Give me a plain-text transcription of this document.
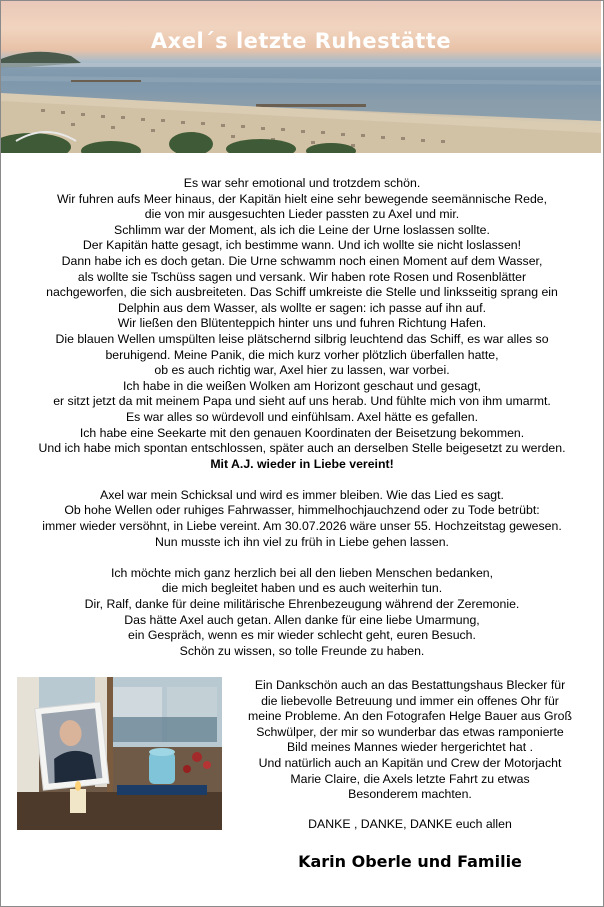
Axel´s letzte Ruhestätte

Es war sehr emotional und trotzdem schön.

Wir fuhren aufs Meer hinaus, der Kapitän hielt eine sehr bewegende seemännische Rede,

die von mir ausgesuchten Lieder passten zu Axel und mir.

Schlimm war der Moment, als ich die Leine der Urne loslassen sollte.

Der Kapitän hatte gesagt, ich bestimme wann. Und ich wollte sie nicht loslassen!

Dann habe ich es doch getan. Die Urne schwamm noch einen Moment auf dem Wasser,

als wollte sie Tschüss sagen und versank. Wir haben rote Rosen und Rosenblätter

nachgeworfen, die sich ausbreiteten. Das Schiff umkreiste die Stelle und linksseitig sprang ein

Delphin aus dem Wasser, als wollte er sagen: ich passe auf ihn auf.

Wir ließen den Blütenteppich hinter uns und fuhren Richtung Hafen.

Die blauen Wellen umspülten leise plätschernd silbrig leuchtend das Schiff, es war alles so

beruhigend. Meine Panik, die mich kurz vorher plötzlich überfallen hatte,

ob es auch richtig war, Axel hier zu lassen, war vorbei.

Ich habe in die weißen Wolken am Horizont geschaut und gesagt,

er sitzt jetzt da mit meinem Papa und sieht auf uns herab. Und fühlte mich von ihm umarmt.

Es war alles so würdevoll und einfühlsam. Axel hätte es gefallen.

Ich habe eine Seekarte mit den genauen Koordinaten der Beisetzung bekommen.

Und ich habe mich spontan entschlossen, später auch an derselben Stelle beigesetzt zu werden.

Mit A.J. wieder in Liebe vereint!

Axel war mein Schicksal und wird es immer bleiben. Wie das Lied es sagt.

Ob hohe Wellen oder ruhiges Fahrwasser, himmelhochjauchzend oder zu Tode betrübt:

immer wieder versöhnt, in Liebe vereint. Am 30.07.2026 wäre unser 55. Hochzeitstag gewesen.

Nun musste ich ihn viel zu früh in Liebe gehen lassen.

Ich möchte mich ganz herzlich bei all den lieben Menschen bedanken,

die mich begleitet haben und es auch weiterhin tun.

Dir, Ralf, danke für deine militärische Ehrenbezeugung während der Zeremonie.

Das hätte Axel auch getan. Allen danke für eine liebe Umarmung,

ein Gespräch, wenn es mir wieder schlecht geht, euren Besuch.

Schön zu wissen, so tolle Freunde zu haben.

Ein Dankschön auch an das Bestattungshaus Blecker für

die liebevolle Betreuung und immer ein offenes Ohr für

meine Probleme. An den Fotografen Helge Bauer aus Groß

Schwülper, der mir so wunderbar das etwas ramponierte

Bild meines Mannes wieder hergerichtet hat .

Und natürlich auch an Kapitän und Crew der Motorjacht

Marie Claire, die Axels letzte Fahrt zu etwas

Besonderem machten.

DANKE , DANKE, DANKE euch allen
Karin Oberle und Familie
